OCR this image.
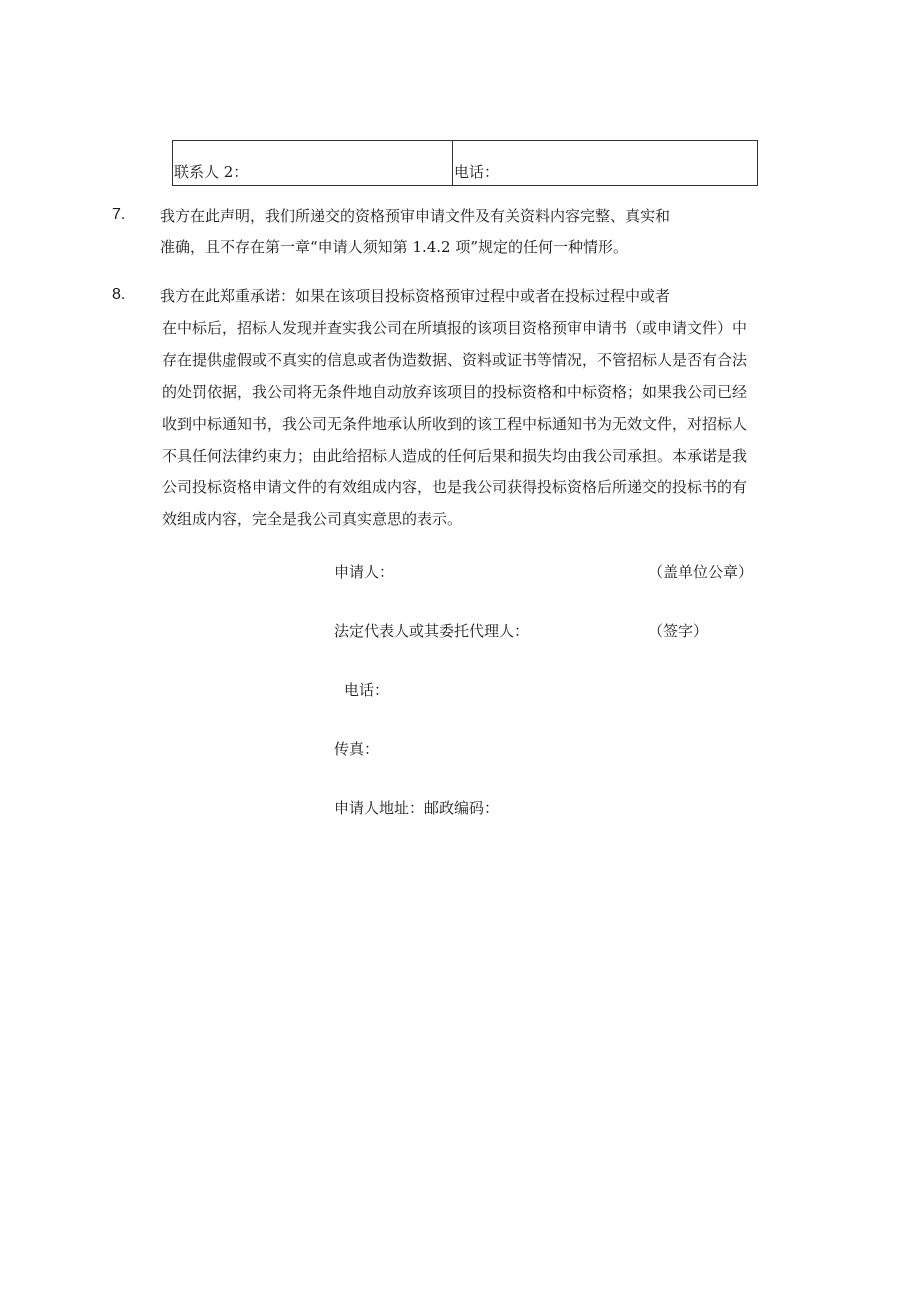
联系人 2：	电话：
7. 我方在此声明，我们所递交的资格预审申请文件及有关资料内容完整、真实和
准确，且不存在第一章“申请人须知第 1.4.2 项”规定的任何一种情形。
8. 我方在此郑重承诺：如果在该项目投标资格预审过程中或者在投标过程中或者
在中标后，招标人发现并查实我公司在所填报的该项目资格预审申请书（或申请文件）中
存在提供虚假或不真实的信息或者伪造数据、资料或证书等情况，不管招标人是否有合法
的处罚依据，我公司将无条件地自动放弃该项目的投标资格和中标资格；如果我公司已经
收到中标通知书，我公司无条件地承认所收到的该工程中标通知书为无效文件，对招标人
不具任何法律约束力；由此给招标人造成的任何后果和损失均由我公司承担。本承诺是我
公司投标资格申请文件的有效组成内容，也是我公司获得投标资格后所递交的投标书的有
效组成内容，完全是我公司真实意思的表示。
申请人：	（盖单位公章）
法定代表人或其委托代理人：	（签字）
电话：
传真：
申请人地址：邮政编码：
